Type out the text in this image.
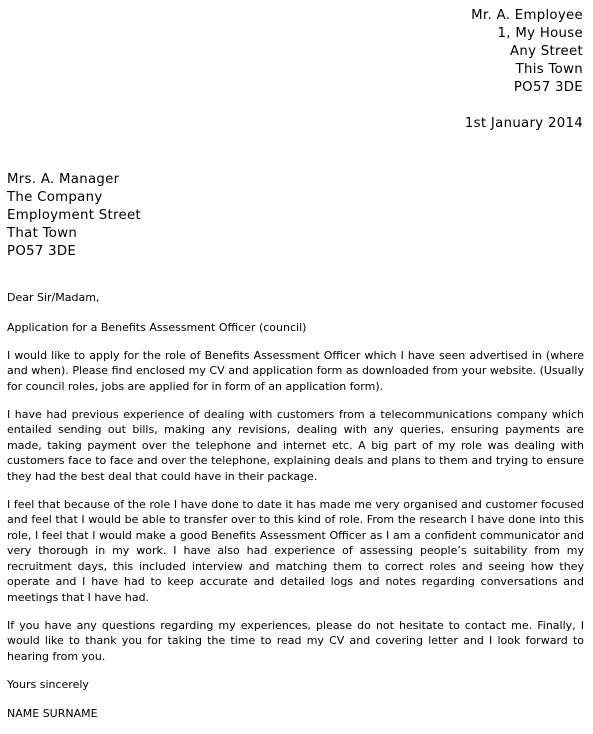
Mr. A. Employee
1, My House
Any Street
This Town
PO57 3DE
1st January 2014
Mrs. A. Manager
The Company
Employment Street
That Town
PO57 3DE

Dear Sir/Madam,

Application for a Benefits Assessment Officer (council)

I would like to apply for the role of Benefits Assessment Officer which I have seen advertised in (where and when). Please find enclosed my CV and application form as downloaded from your website. (Usually for council roles, jobs are applied for in form of an application form).

I have had previous experience of dealing with customers from a telecommunications company which entailed sending out bills, making any revisions, dealing with any queries, ensuring payments are made, taking payment over the telephone and internet etc. A big part of my role was dealing with customers face to face and over the telephone, explaining deals and plans to them and trying to ensure they had the best deal that could have in their package.

I feel that because of the role I have done to date it has made me very organised and customer focused and feel that I would be able to transfer over to this kind of role. From the research I have done into this role, I feel that I would make a good Benefits Assessment Officer as I am a confident communicator and very thorough in my work. I have also had experience of assessing people’s suitability from my recruitment days, this included interview and matching them to correct roles and seeing how they operate and I have had to keep accurate and detailed logs and notes regarding conversations and meetings that I have had.

If you have any questions regarding my experiences, please do not hesitate to contact me. Finally, I would like to thank you for taking the time to read my CV and covering letter and I look forward to hearing from you.

Yours sincerely

NAME SURNAME
